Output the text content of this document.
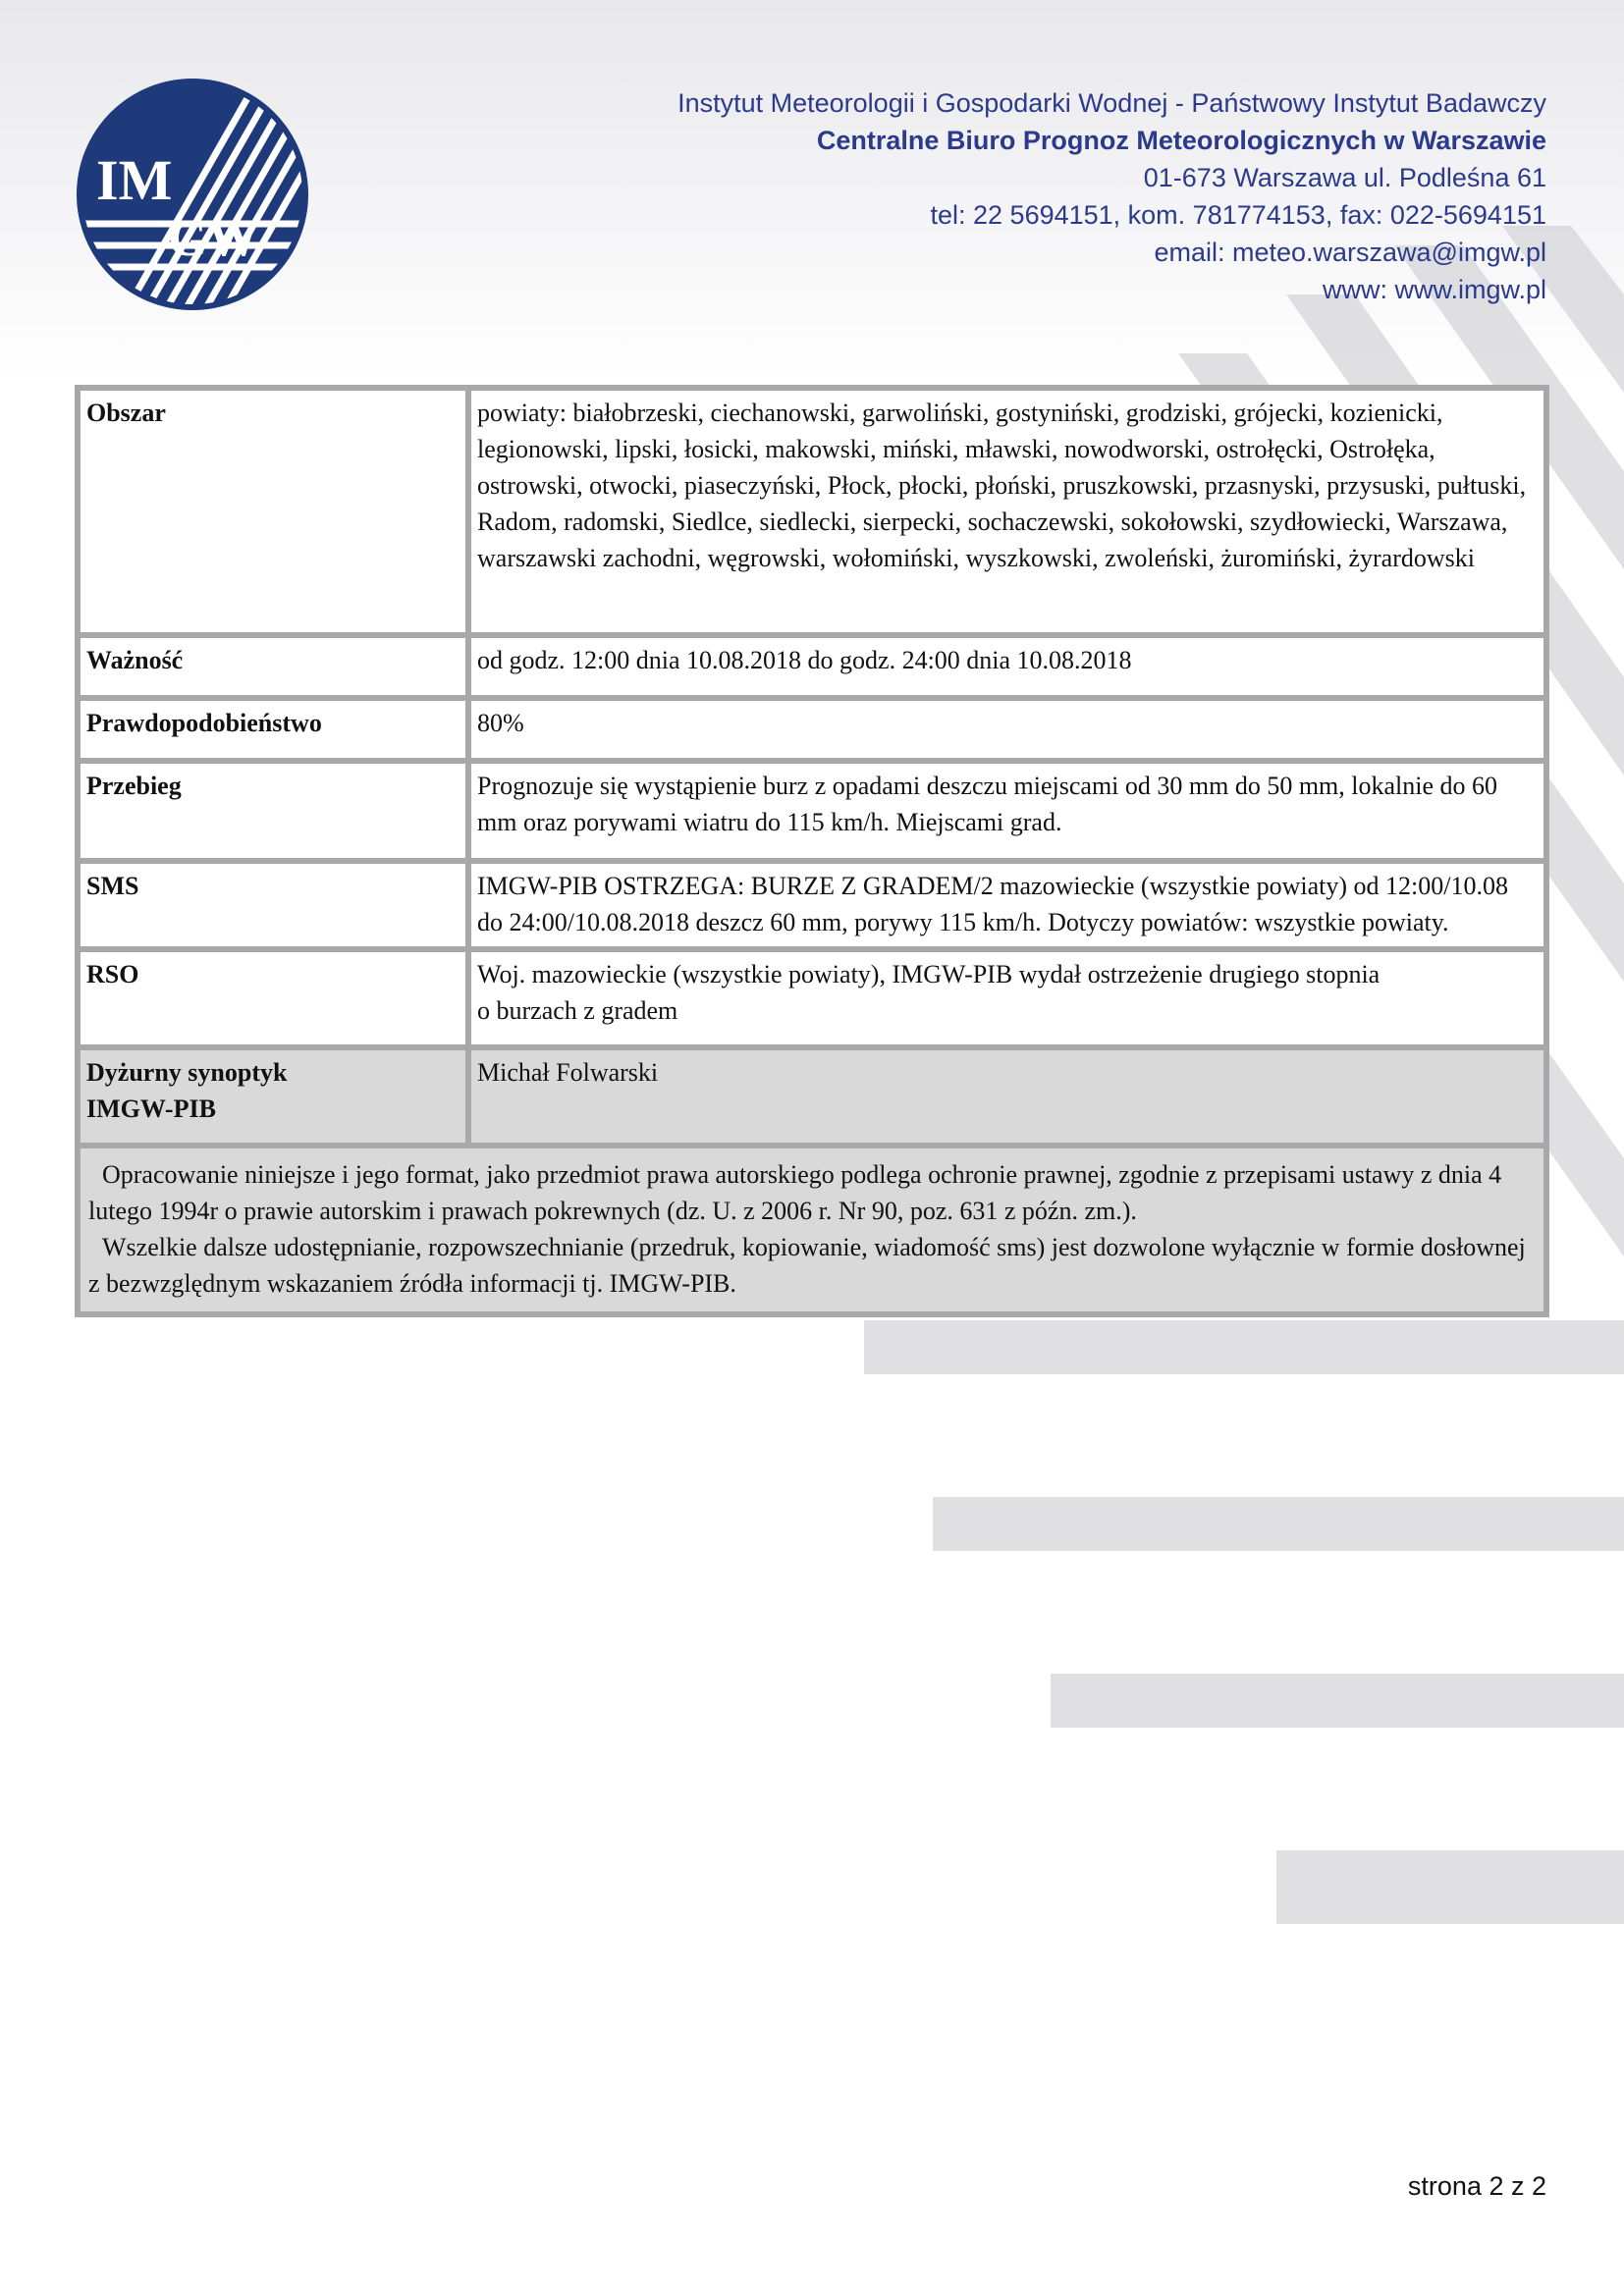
IM
GW
Instytut Meteorologii i Gospodarki Wodnej - Państwowy Instytut Badawczy
Centralne Biuro Prognoz Meteorologicznych w Warszawie
01-673 Warszawa ul. Podleśna 61
tel: 22 5694151, kom. 781774153, fax: 022-5694151
email: meteo.warszawa@imgw.pl
www: www.imgw.pl
Obszar	powiaty: białobrzeski, ciechanowski, garwoliński, gostyniński, grodziski, grójecki, kozienicki, legionowski, lipski, łosicki, makowski, miński, mławski, nowodworski, ostrołęcki, Ostrołęka, ostrowski, otwocki, piaseczyński, Płock, płocki, płoński, pruszkowski, przasnyski, przysuski, pułtuski, Radom, radomski, Siedlce, siedlecki, sierpecki, sochaczewski, sokołowski, szydłowiecki, Warszawa, warszawski zachodni, węgrowski, wołomiński, wyszkowski, zwoleński, żuromiński, żyrardowski
Ważność	od godz. 12:00 dnia 10.08.2018 do godz. 24:00 dnia 10.08.2018
Prawdopodobieństwo	80%
Przebieg	Prognozuje się wystąpienie burz z opadami deszczu miejscami od 30 mm do 50 mm, lokalnie do 60 mm oraz porywami wiatru do 115 km/h. Miejscami grad.
SMS	IMGW-PIB OSTRZEGA: BURZE Z GRADEM/2 mazowieckie (wszystkie powiaty) od 12:00/10.08 do 24:00/10.08.2018 deszcz 60 mm, porywy 115 km/h. Dotyczy powiatów: wszystkie powiaty.
RSO	Woj. mazowieckie (wszystkie powiaty), IMGW-PIB wydał ostrzeżenie drugiego stopnia
o burzach z gradem

Dyżurny synoptyk
IMGW-PIB	Michał Folwarski

Opracowanie niniejsze i jego format, jako przedmiot prawa autorskiego podlega ochronie prawnej, zgodnie z przepisami ustawy z dnia 4 lutego 1994r o prawie autorskim i prawach pokrewnych (dz. U. z 2006 r. Nr 90, poz. 631 z późn. zm.).

Wszelkie dalsze udostępnianie, rozpowszechnianie (przedruk, kopiowanie, wiadomość sms) jest dozwolone wyłącznie w formie dosłownej z bezwzględnym wskazaniem źródła informacji tj. IMGW-PIB.	

strona 2 z 2
